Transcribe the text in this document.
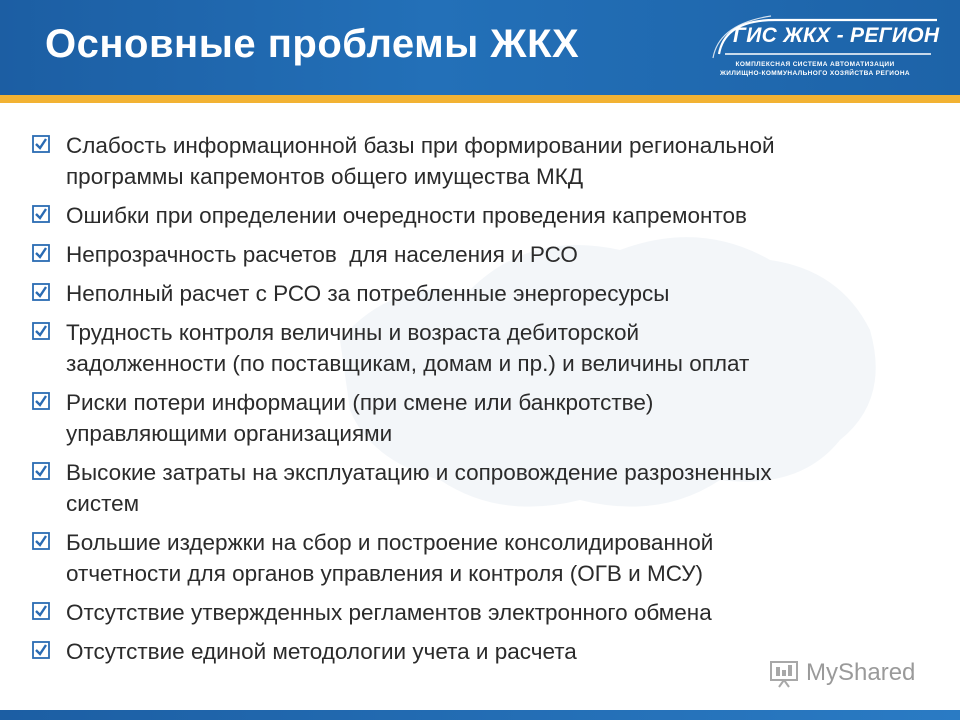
Основные проблемы ЖКХ	ГИС ЖКХ - РЕГИОН
КОМПЛЕКСНАЯ СИСТЕМА АВТОМАТИЗАЦИИ
ЖИЛИЩНО-КОММУНАЛЬНОГО ХОЗЯЙСТВА РЕГИОНА
Слабость информационной базы при формировании региональной
программы капремонтов общего имущества МКД
Ошибки при определении очередности проведения капремонтов
Непрозрачность расчетов  для населения и РСО
Неполный расчет с РСО за потребленные энергоресурсы
Трудность контроля величины и возраста дебиторской
задолженности (по поставщикам, домам и пр.) и величины оплат
Риски потери информации (при смене или банкротстве)
управляющими организациями
Высокие затраты на эксплуатацию и сопровождение разрозненных
систем
Большие издержки на сбор и построение консолидированной
отчетности для органов управления и контроля (ОГВ и МСУ)
Отсутствие утвержденных регламентов электронного обмена
Отсутствие единой методологии учета и расчета
MyShared
